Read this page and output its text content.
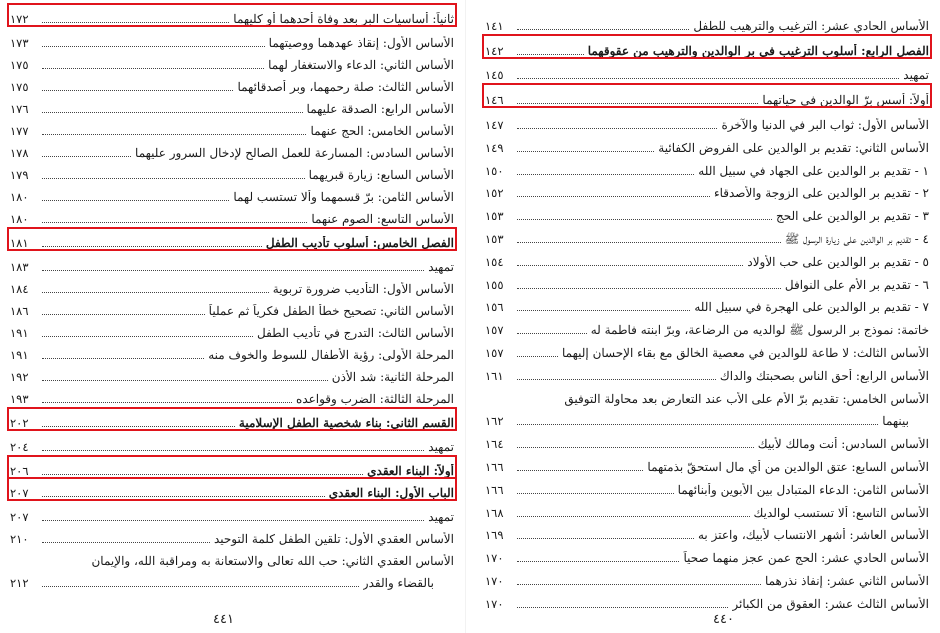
ثانياً: أساسيات البر بعد وفاة أحدهما أو كليهما
١٧٢
الأساس الأول: إنقاذ عهدهما ووصيتهما
١٧٣
الأساس الثاني: الدعاء والاستغفار لهما
١٧٥
الأساس الثالث: صلة رحمهما، وبر أصدقائهما
١٧٥
الأساس الرابع: الصدقة عليهما
١٧٦
الأساس الخامس: الحج عنهما
١٧٧
الأساس السادس: المسارعة للعمل الصالح لإدخال السرور عليهما
١٧٨
الأساس السابع: زيارة قبريهما
١٧٩
الأساس الثامن: برّ قسمهما وألا تستسب لهما
١٨٠
الأساس التاسع: الصوم عنهما
١٨٠
الفصل الخامس: أسلوب تأديب الطفل
١٨١
تمهيد
١٨٣
الأساس الأول: التأديب ضرورة تربوية
١٨٤
الأساس الثاني: تصحيح خطأ الطفل فكرياً ثم عملياً
١٨٦
الأساس الثالث: التدرج في تأديب الطفل
١٩١
المرحلة الأولى: رؤية الأطفال للسوط والخوف منه
١٩١
المرحلة الثانية: شد الأذن
١٩٢
المرحلة الثالثة: الضرب وقواعده
١٩٣
القسم الثاني: بناء شخصية الطفل الإسلامية
٢٠٢
تمهيد
٢٠٤
أولاً: البناء العقدي
٢٠٦
الباب الأول: البناء العقدي
٢٠٧
تمهيد
٢٠٧
الأساس العقدي الأول: تلقين الطفل كلمة التوحيد
٢١٠
الأساس العقدي الثاني: حب الله تعالى والاستعانة به ومراقبة الله، والإيمان
بالقضاء والقدر
٢١٢
٤٤١
الأساس الحادي عشر: الترغيب والترهيب للطفل
١٤١
الفصل الرابع: أسلوب الترغيب في بر الوالدين والترهيب من عقوقهما
١٤٢
تمهيد
١٤٥
أولاً: أسس برّ الوالدين في حياتهما
١٤٦
الأساس الأول: ثواب البر في الدنيا والآخرة
١٤٧
الأساس الثاني: تقديم بر الوالدين على الفروض الكفائية
١٤٩
١ - تقديم بر الوالدين على الجهاد في سبيل الله
١٥٠
٢ - تقديم بر الوالدين على الزوجة والأصدقاء
١٥٢
٣ - تقديم بر الوالدين على الحج
١٥٣
٤ - تقديم بر الوالدين على زيارة الرسول ﷺ
١٥٣
٥ - تقديم بر الوالدين على حب الأولاد
١٥٤
٦ - تقديم بر الأم على النوافل
١٥٥
٧ - تقديم بر الوالدين على الهجرة في سبيل الله
١٥٦
خاتمة: نموذج بر الرسول ﷺ لوالديه من الرضاعة، وبرّ ابنته فاطمة له
١٥٧
الأساس الثالث: لا طاعة للوالدين في معصية الخالق مع بقاء الإحسان إليهما
١٥٧
الأساس الرابع: أحق الناس بصحبتك والداك
١٦١
الأساس الخامس: تقديم برّ الأم على الأب عند التعارض بعد محاولة التوفيق
بينهما
١٦٢
الأساس السادس: أنت ومالك لأبيك
١٦٤
الأساس السابع: عتق الوالدين من أي مال استحقّ بذمتهما
١٦٦
الأساس الثامن: الدعاء المتبادل بين الأبوين وأبنائهما
١٦٦
الأساس التاسع: ألا تستسب لوالديك
١٦٨
الأساس العاشر: أشهر الانتساب لأبيك، واعتز به
١٦٩
الأساس الحادي عشر: الحج عمن عجز منهما صحياً
١٧٠
الأساس الثاني عشر: إنفاذ نذرهما
١٧٠
الأساس الثالث عشر: العقوق من الكبائر
١٧٠
٤٤٠
